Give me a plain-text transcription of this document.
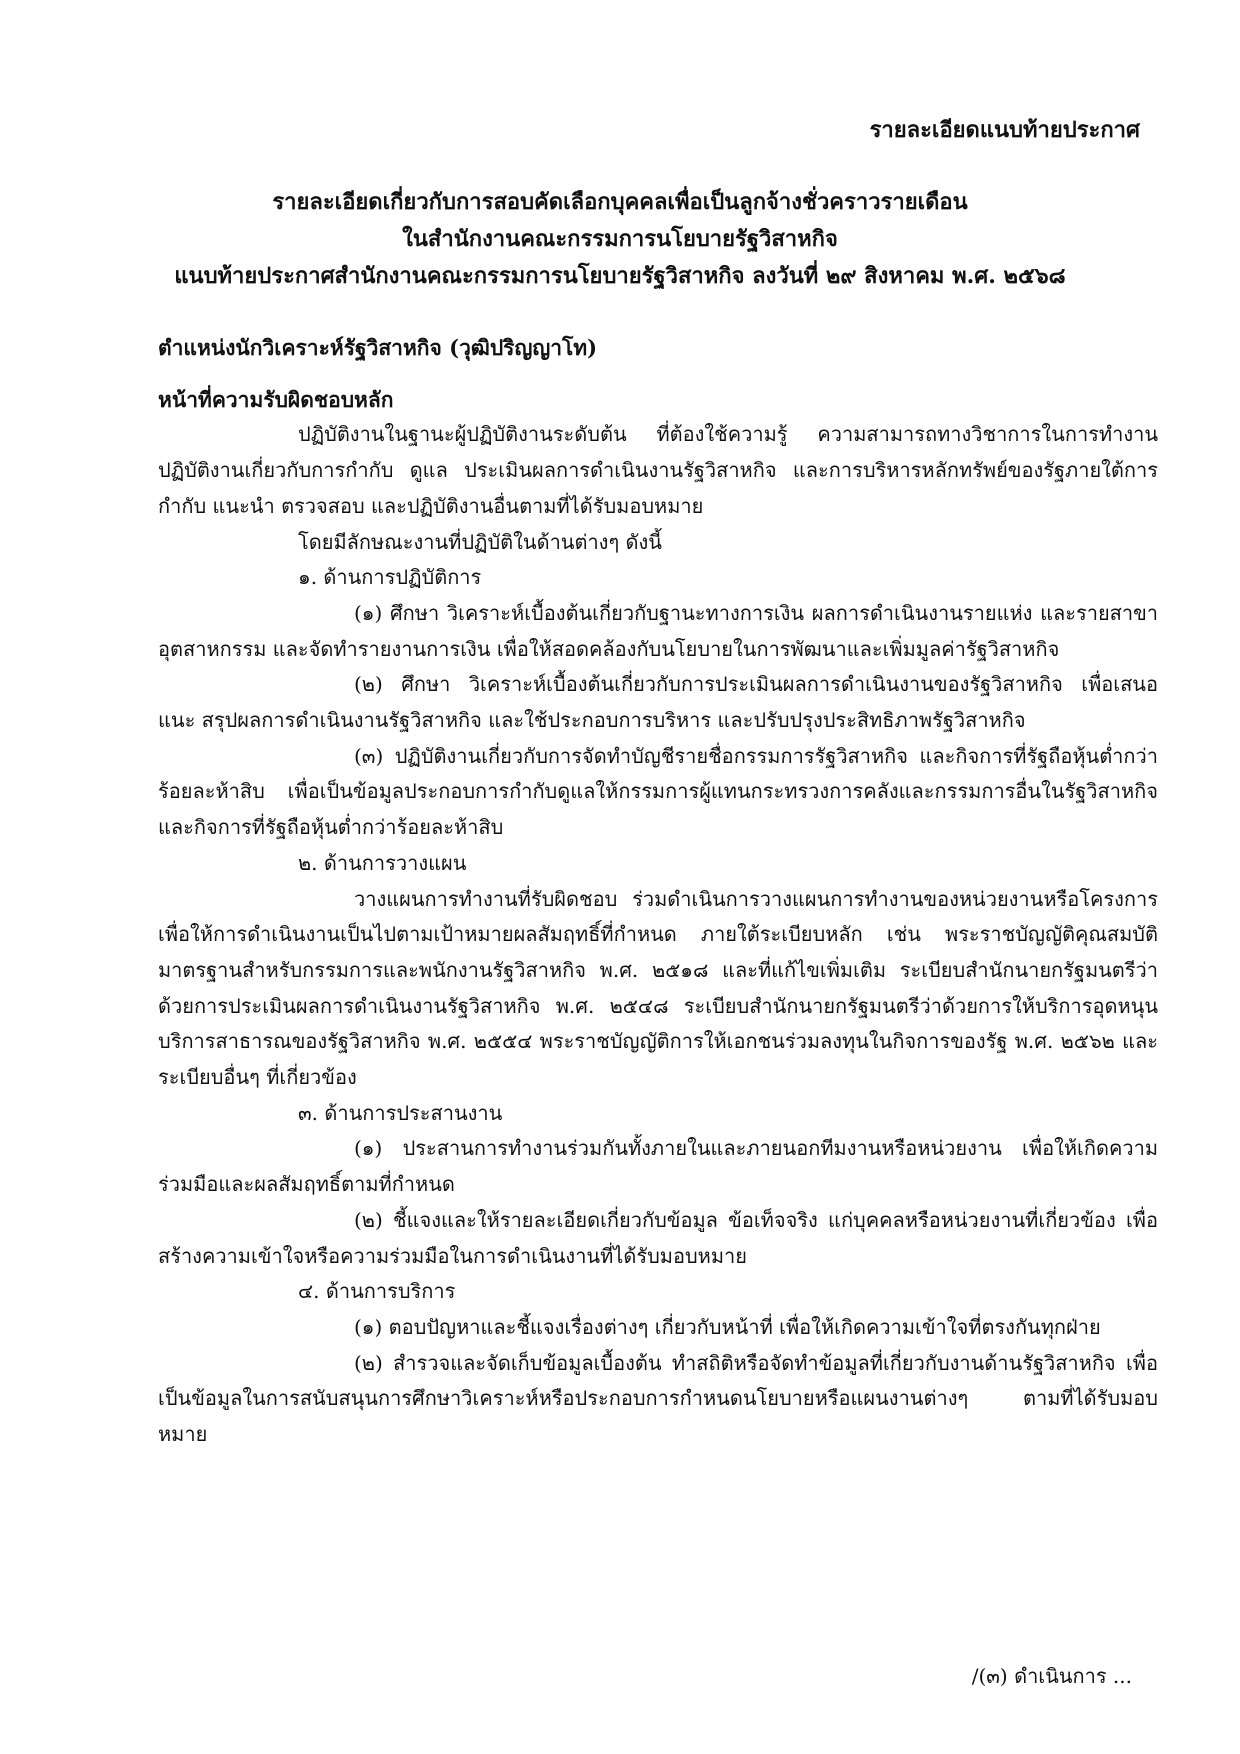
รายละเอียดแนบท้ายประกาศ
รายละเอียดเกี่ยวกับการสอบคัดเลือกบุคคลเพื่อเป็นลูกจ้างชั่วคราวรายเดือน
ในสำนักงานคณะกรรมการนโยบายรัฐวิสาหกิจ
แนบท้ายประกาศสำนักงานคณะกรรมการนโยบายรัฐวิสาหกิจ ลงวันที่ ๒๙ สิงหาคม พ.ศ. ๒๕๖๘
ตำแหน่งนักวิเคราะห์รัฐวิสาหกิจ (วุฒิปริญญาโท)
หน้าที่ความรับผิดชอบหลัก
ปฏิบัติงานในฐานะผู้ปฏิบัติงานระดับต้น ที่ต้องใช้ความรู้ ความสามารถทางวิชาการในการทำงาน ปฏิบัติงานเกี่ยวกับการกำกับ ดูแล ประเมินผลการดำเนินงานรัฐวิสาหกิจ และการบริหารหลักทรัพย์ของรัฐภายใต้การกำกับ แนะนำ ตรวจสอบ และปฏิบัติงานอื่นตามที่ได้รับมอบหมาย
โดยมีลักษณะงานที่ปฏิบัติในด้านต่างๆ ดังนี้
๑. ด้านการปฏิบัติการ
(๑) ศึกษา วิเคราะห์เบื้องต้นเกี่ยวกับฐานะทางการเงิน ผลการดำเนินงานรายแห่ง และรายสาขาอุตสาหกรรม และจัดทำรายงานการเงิน เพื่อให้สอดคล้องกับนโยบายในการพัฒนาและเพิ่มมูลค่ารัฐวิสาหกิจ
(๒) ศึกษา วิเคราะห์เบื้องต้นเกี่ยวกับการประเมินผลการดำเนินงานของรัฐวิสาหกิจ เพื่อเสนอแนะ สรุปผลการดำเนินงานรัฐวิสาหกิจ และใช้ประกอบการบริหาร และปรับปรุงประสิทธิภาพรัฐวิสาหกิจ
(๓) ปฏิบัติงานเกี่ยวกับการจัดทำบัญชีรายชื่อกรรมการรัฐวิสาหกิจ และกิจการที่รัฐถือหุ้นต่ำกว่าร้อยละห้าสิบ เพื่อเป็นข้อมูลประกอบการกำกับดูแลให้กรรมการผู้แทนกระทรวงการคลังและกรรมการอื่นในรัฐวิสาหกิจและกิจการที่รัฐถือหุ้นต่ำกว่าร้อยละห้าสิบ
๒. ด้านการวางแผน
วางแผนการทำงานที่รับผิดชอบ ร่วมดำเนินการวางแผนการทำงานของหน่วยงานหรือโครงการ เพื่อให้การดำเนินงานเป็นไปตามเป้าหมายผลสัมฤทธิ์ที่กำหนด ภายใต้ระเบียบหลัก เช่น พระราชบัญญัติคุณสมบัติมาตรฐานสำหรับกรรมการและพนักงานรัฐวิสาหกิจ พ.ศ. ๒๕๑๘ และที่แก้ไขเพิ่มเติม ระเบียบสำนักนายกรัฐมนตรีว่าด้วยการประเมินผลการดำเนินงานรัฐวิสาหกิจ พ.ศ. ๒๕๔๘ ระเบียบสำนักนายกรัฐมนตรีว่าด้วยการให้บริการอุดหนุนบริการสาธารณของรัฐวิสาหกิจ พ.ศ. ๒๕๕๔ พระราชบัญญัติการให้เอกชนร่วมลงทุนในกิจการของรัฐ พ.ศ. ๒๕๖๒ และระเบียบอื่นๆ ที่เกี่ยวข้อง
๓. ด้านการประสานงาน
(๑) ประสานการทำงานร่วมกันทั้งภายในและภายนอกทีมงานหรือหน่วยงาน เพื่อให้เกิดความร่วมมือและผลสัมฤทธิ์ตามที่กำหนด
(๒) ชี้แจงและให้รายละเอียดเกี่ยวกับข้อมูล ข้อเท็จจริง แก่บุคคลหรือหน่วยงานที่เกี่ยวข้อง เพื่อสร้างความเข้าใจหรือความร่วมมือในการดำเนินงานที่ได้รับมอบหมาย
๔. ด้านการบริการ
(๑) ตอบปัญหาและชี้แจงเรื่องต่างๆ เกี่ยวกับหน้าที่ เพื่อให้เกิดความเข้าใจที่ตรงกันทุกฝ่าย
(๒) สำรวจและจัดเก็บข้อมูลเบื้องต้น ทำสถิติหรือจัดทำข้อมูลที่เกี่ยวกับงานด้านรัฐวิสาหกิจ เพื่อเป็นข้อมูลในการสนับสนุนการศึกษาวิเคราะห์หรือประกอบการกำหนดนโยบายหรือแผนงานต่างๆ ตามที่ได้รับมอบหมาย
/(๓) ดำเนินการ ...
